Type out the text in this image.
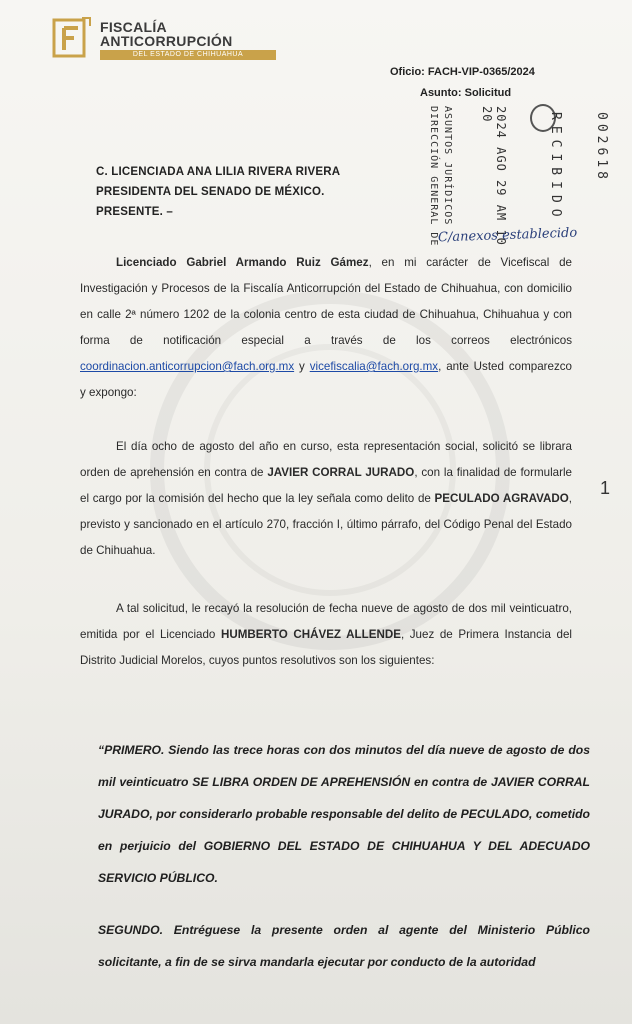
FISCALÍA
ANTICORRUPCIÓN
DEL ESTADO DE CHIHUAHUA
Oficio: FACH-VIP-0365/2024
Asunto: Solicitud
DIRECCIÓN GENERAL DE ASUNTOS JURÍDICOS	2024 AGO 29 AM 10 20	RECIBIDO 002618
C/anexos establecido
C. LICENCIADA ANA LILIA RIVERA RIVERA
PRESIDENTA DEL SENADO DE MÉXICO.
PRESENTE. –
Licenciado Gabriel Armando Ruiz Gámez, en mi carácter de Vicefiscal de Investigación y Procesos de la Fiscalía Anticorrupción del Estado de Chihuahua, con domicilio en calle 2ª número 1202 de la colonia centro de esta ciudad de Chihuahua, Chihuahua y con forma de notificación especial a través de los correos electrónicos coordinacion.anticorrupcion@fach.org.mx y vicefiscalia@fach.org.mx, ante Usted comparezco y expongo:
El día ocho de agosto del año en curso, esta representación social, solicitó se librara orden de aprehensión en contra de JAVIER CORRAL JURADO, con la finalidad de formularle el cargo por la comisión del hecho que la ley señala como delito de PECULADO AGRAVADO, previsto y sancionado en el artículo 270, fracción I, último párrafo, del Código Penal del Estado de Chihuahua.
A tal solicitud, le recayó la resolución de fecha nueve de agosto de dos mil veinticuatro, emitida por el Licenciado HUMBERTO CHÁVEZ ALLENDE, Juez de Primera Instancia del Distrito Judicial Morelos, cuyos puntos resolutivos son los siguientes:
“PRIMERO. Siendo las trece horas con dos minutos del día nueve de agosto de dos mil veinticuatro SE LIBRA ORDEN DE APREHENSIÓN en contra de JAVIER CORRAL JURADO, por considerarlo probable responsable del delito de PECULADO, cometido en perjuicio del GOBIERNO DEL ESTADO DE CHIHUAHUA Y DEL ADECUADO SERVICIO PÚBLICO.
SEGUNDO. Entréguese la presente orden al agente del Ministerio Público solicitante, a fin de se sirva mandarla ejecutar por conducto de la autoridad
1
